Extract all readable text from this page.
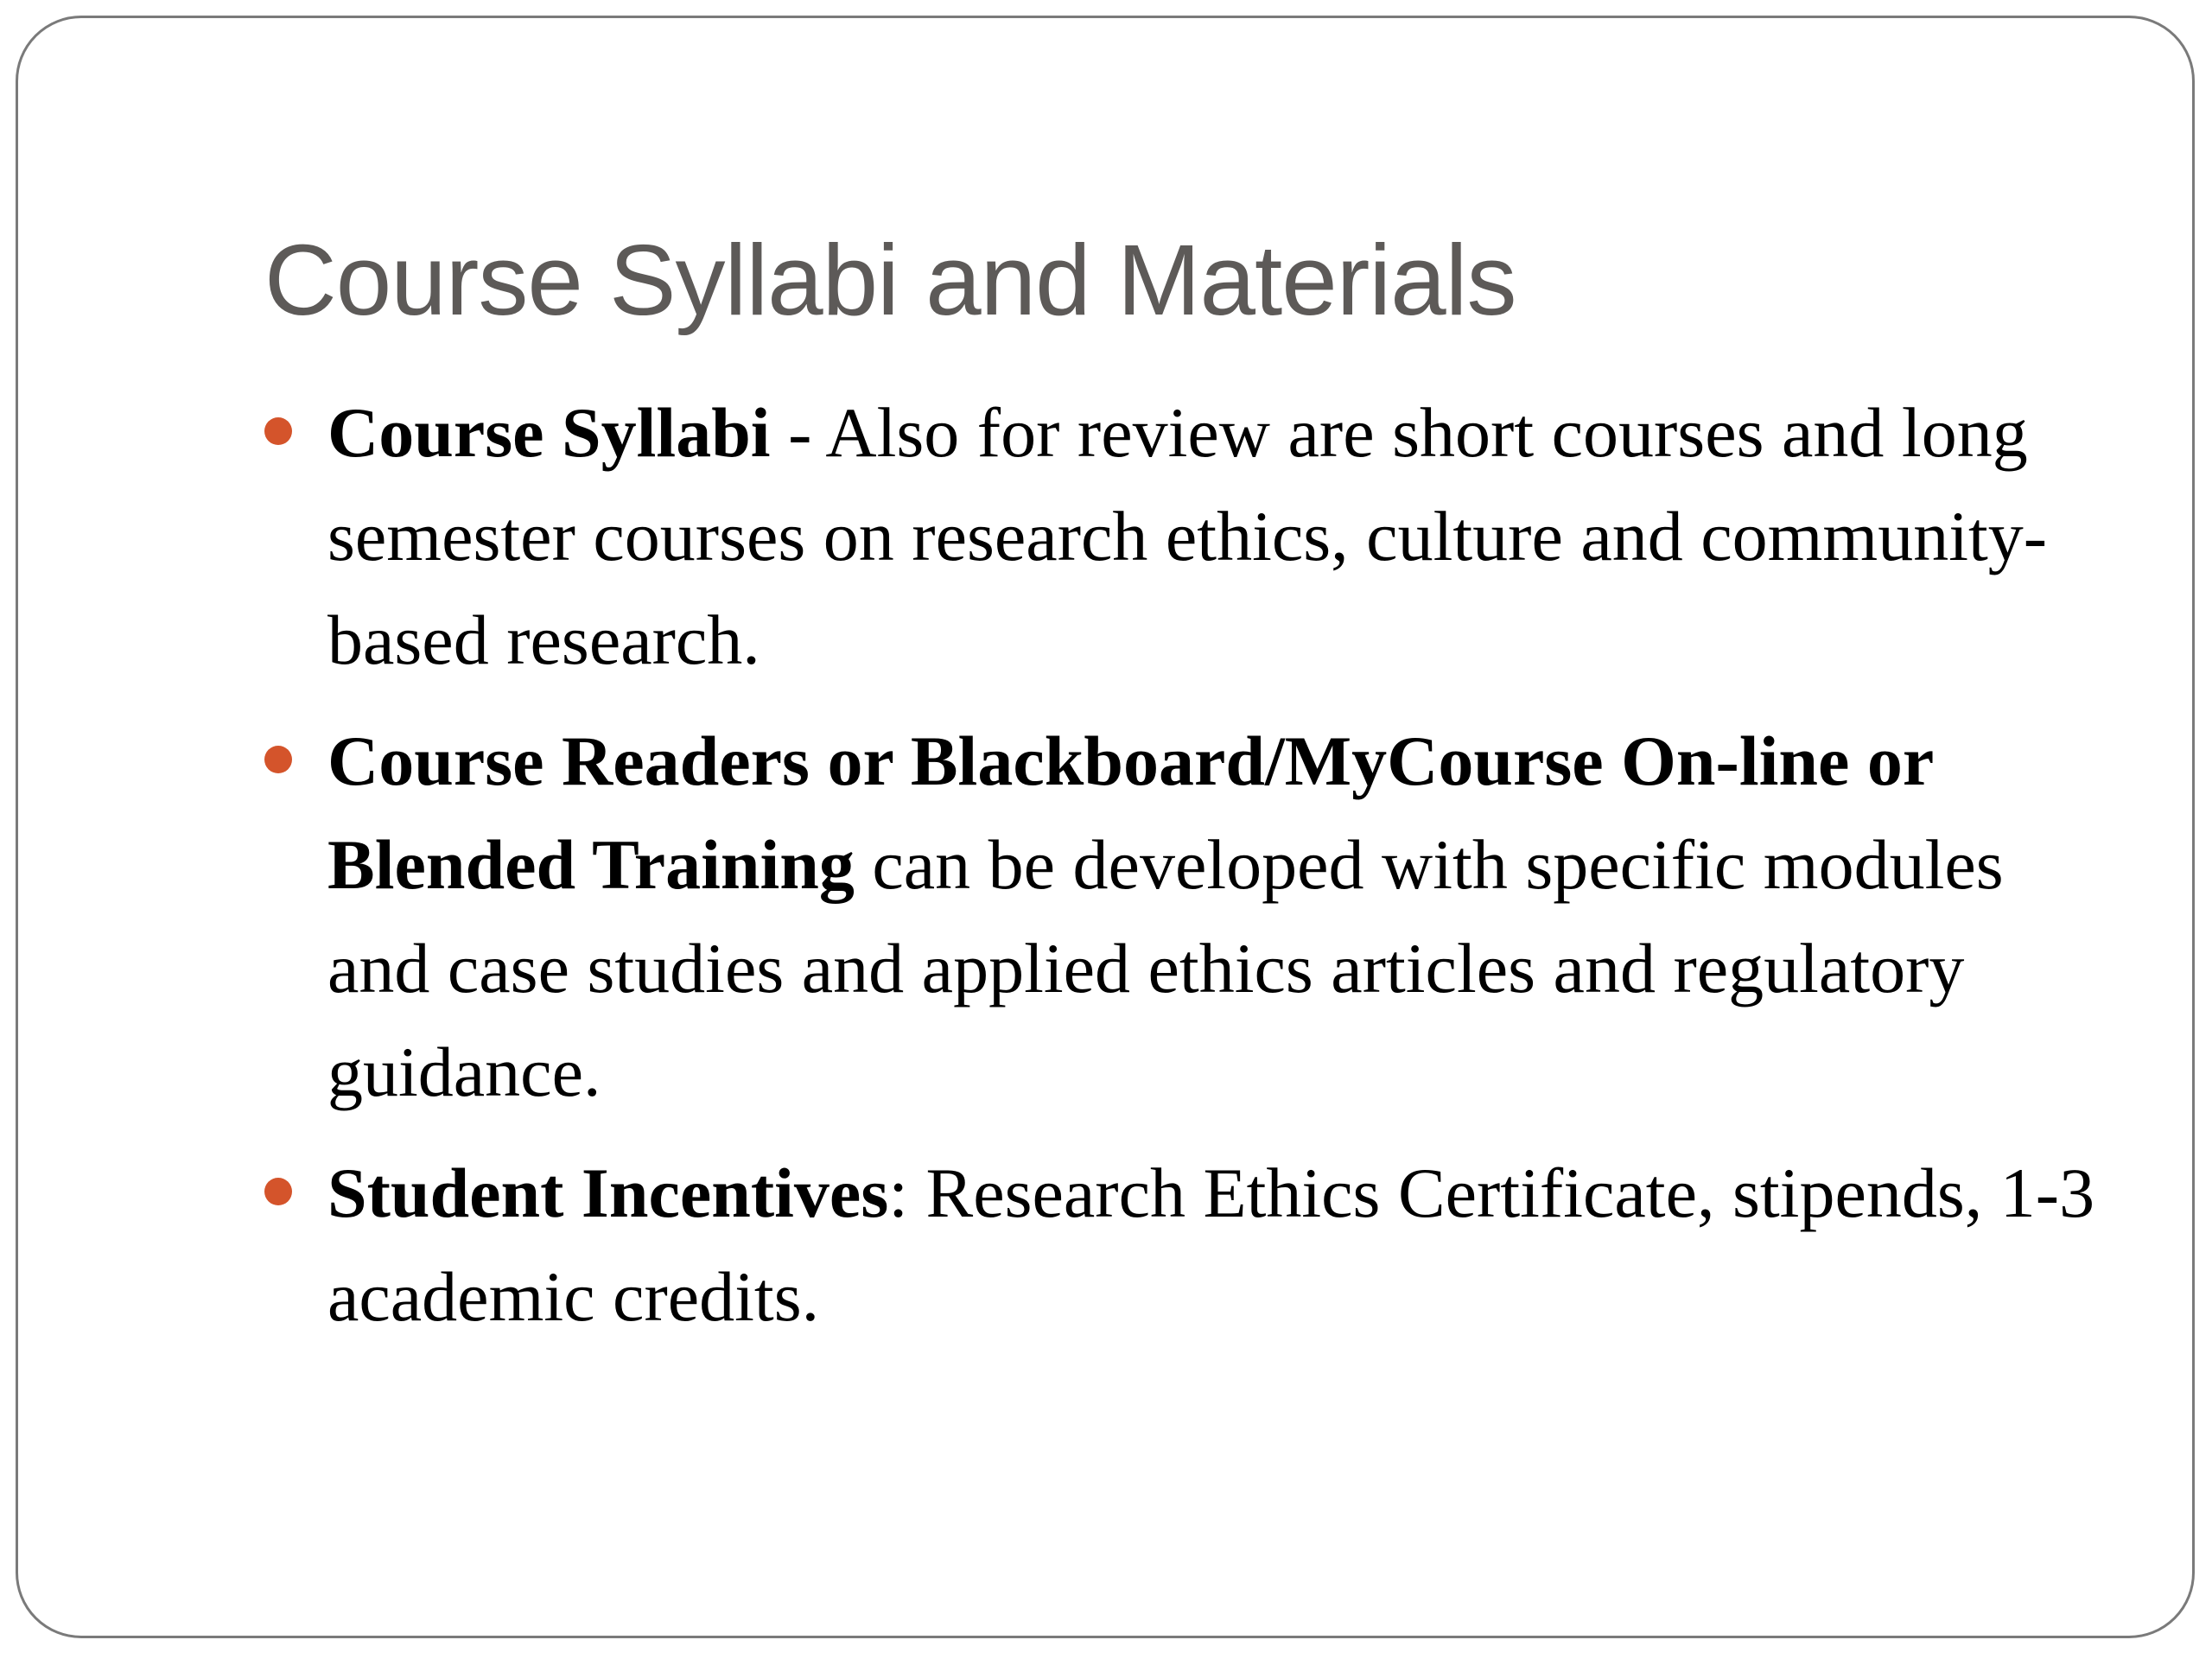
Course Syllabi and Materials
Course Syllabi - Also for review are short courses and long semester courses on research ethics, culture and community-based research.
Course Readers or Blackboard/MyCourse On-line or Blended Training can be developed with specific modules and case studies and applied ethics articles and regulatory guidance.
Student Incentives: Research Ethics Certificate, stipends, 1-3 academic credits.
